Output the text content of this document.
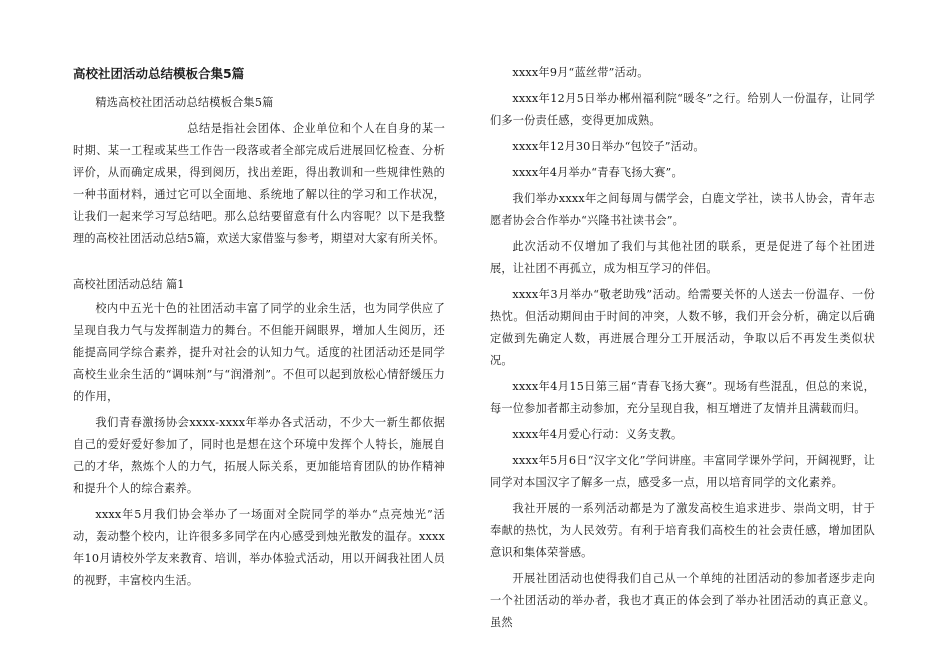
高校社团活动总结模板合集5篇

精选高校社团活动总结模板合集5篇

总结是指社会团体、企业单位和个人在自身的某一时期、某一工程或某些工作告一段落或者全部完成后进展回忆检查、分析评价，从而确定成果，得到阅历，找出差距，得出教训和一些规律性熟的一种书面材料，通过它可以全面地、系统地了解以往的学习和工作状况，让我们一起来学习写总结吧。那么总结要留意有什么内容呢？以下是我整理的高校社团活动总结5篇，欢送大家借鉴与参考，期望对大家有所关怀。

高校社团活动总结 篇1

校内中五光十色的社团活动丰富了同学的业余生活，也为同学供应了呈现自我力气与发挥制造力的舞台。不但能开阔眼界，增加人生阅历，还能提高同学综合素养，提升对社会的认知力气。适度的社团活动还是同学高校生业余生活的“调味剂”与“润滑剂”。不但可以起到放松心情舒缓压力的作用，

我们青春激扬协会xxxx-xxxx年举办各式活动，不少大一新生都依据自己的爱好爱好参加了，同时也是想在这个环境中发挥个人特长，施展自己的才华，熬炼个人的力气，拓展人际关系，更加能培育团队的协作精神和提升个人的综合素养。

xxxx年5月我们协会举办了一场面对全院同学的举办“点亮烛光”活动，轰动整个校内，让许很多多同学在内心感受到烛光散发的温存。xxxx年10月请校外学友来教育、培训，举办体验式活动，用以开阔我社团人员的视野，丰富校内生活。

xxxx年9月“蓝丝带”活动。

xxxx年12月5日举办郴州福利院“暖冬”之行。给别人一份温存，让同学们多一份责任感，变得更加成熟。

xxxx年12月30日举办“包饺子”活动。

xxxx年4月举办“青春飞扬大赛”。

我们举办xxxx年之间每周与儒学会，白鹿文学社，读书人协会，青年志愿者协会合作举办“兴隆书社读书会”。

此次活动不仅增加了我们与其他社团的联系，更是促进了每个社团进展，让社团不再孤立，成为相互学习的伴侣。

xxxx年3月举办“敬老助残”活动。给需要关怀的人送去一份温存、一份热忱。但活动期间由于时间的冲突，人数不够，我们开会分析，确定以后确定做到先确定人数，再进展合理分工开展活动，争取以后不再发生类似状况。

xxxx年4月15日第三届“青春飞扬大赛”。现场有些混乱，但总的来说，每一位参加者都主动参加，充分呈现自我，相互增进了友情并且满载而归。

xxxx年4月爱心行动：义务支教。

xxxx年5月6日“汉字文化”学问讲座。丰富同学课外学问，开阔视野，让同学对本国汉字了解多一点，感受多一点，用以培育同学的文化素养。

我社开展的一系列活动都是为了激发高校生追求进步、崇尚文明，甘于奉献的热忱，为人民效劳。有利于培育我们高校生的社会责任感，增加团队意识和集体荣誉感。

开展社团活动也使得我们自己从一个单纯的社团活动的参加者逐步走向一个社团活动的举办者，我也才真正的体会到了举办社团活动的真正意义。虽然
